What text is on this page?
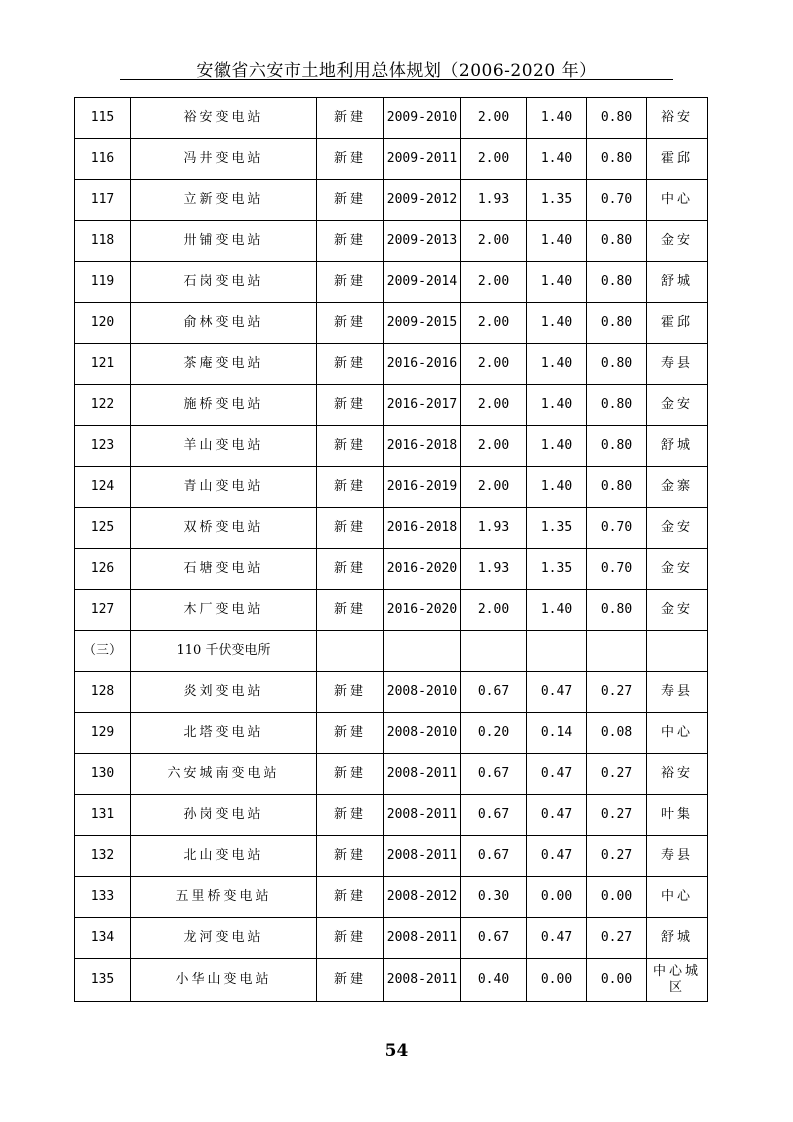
安徽省六安市土地利用总体规划（2006-2020 年）
115	裕安变电站	新建	2009-2010	2.00	1.40	0.80	裕安
116	冯井变电站	新建	2009-2011	2.00	1.40	0.80	霍邱
117	立新变电站	新建	2009-2012	1.93	1.35	0.70	中心
118	卅铺变电站	新建	2009-2013	2.00	1.40	0.80	金安
119	石岗变电站	新建	2009-2014	2.00	1.40	0.80	舒城
120	俞林变电站	新建	2009-2015	2.00	1.40	0.80	霍邱
121	茶庵变电站	新建	2016-2016	2.00	1.40	0.80	寿县
122	施桥变电站	新建	2016-2017	2.00	1.40	0.80	金安
123	羊山变电站	新建	2016-2018	2.00	1.40	0.80	舒城
124	青山变电站	新建	2016-2019	2.00	1.40	0.80	金寨
125	双桥变电站	新建	2016-2018	1.93	1.35	0.70	金安
126	石塘变电站	新建	2016-2020	1.93	1.35	0.70	金安
127	木厂变电站	新建	2016-2020	2.00	1.40	0.80	金安
（三）	110 千伏变电所						
128	炎刘变电站	新建	2008-2010	0.67	0.47	0.27	寿县
129	北塔变电站	新建	2008-2010	0.20	0.14	0.08	中心
130	六安城南变电站	新建	2008-2011	0.67	0.47	0.27	裕安
131	孙岗变电站	新建	2008-2011	0.67	0.47	0.27	叶集
132	北山变电站	新建	2008-2011	0.67	0.47	0.27	寿县
133	五里桥变电站	新建	2008-2012	0.30	0.00	0.00	中心
134	龙河变电站	新建	2008-2011	0.67	0.47	0.27	舒城
135	小华山变电站	新建	2008-2011	0.40	0.00	0.00	中心城区
54
